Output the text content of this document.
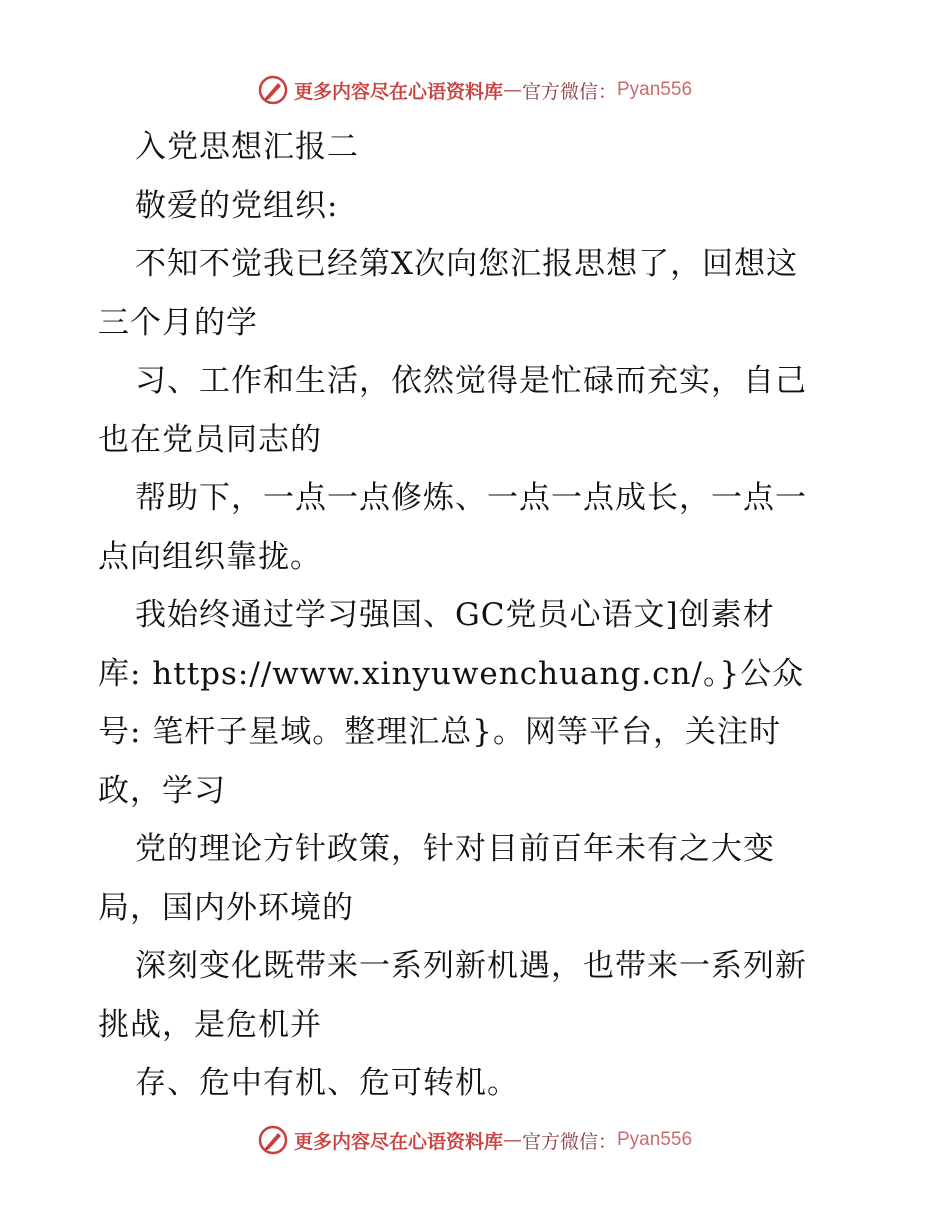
更多内容尽在心语资料库 — 官方微信： Pyan556
入党思想汇报二
敬爱的党组织:
不知不觉我已经第X次向您汇报思想了，回想这
三个月的学
习、工作和生活，依然觉得是忙碌而充实，自己
也在党员同志的
帮助下，一点一点修炼、一点一点成长，一点一
点向组织靠拢。
我始终通过学习强国、GC党员心语文]创素材
库: https://www.xinyuwenchuang.cn/。}公众
号: 笔杆子星域。整理汇总}。网等平台，关注时
政，学习
党的理论方针政策，针对目前百年未有之大变
局，国内外环境的
深刻变化既带来一系列新机遇，也带来一系列新
挑战，是危机并
存、危中有机、危可转机。
更多内容尽在心语资料库 — 官方微信： Pyan556
